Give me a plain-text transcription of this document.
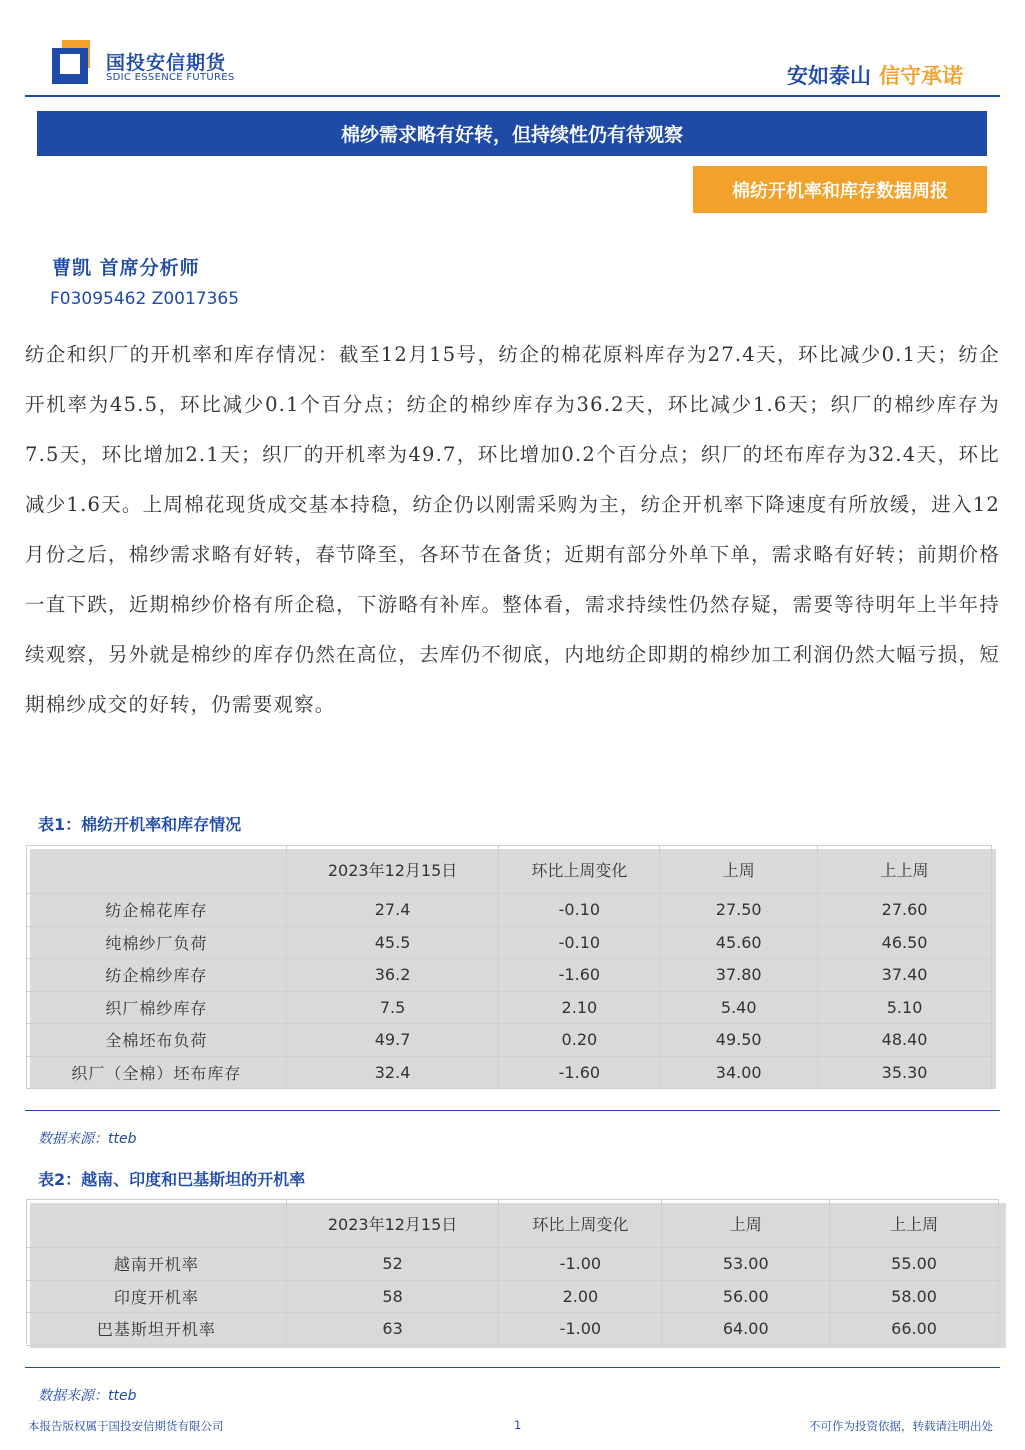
国投安信期货
SDIC ESSENCE FUTURES	安如泰山 信守承诺
棉纱需求略有好转，但持续性仍有待观察
棉纺开机率和库存数据周报
曹凯 首席分析师
F03095462 Z0017365
纺企和织厂的开机率和库存情况：截至12月15号，纺企的棉花原料库存为27.4天，环比减少0.1天；纺企开机率为45.5，环比减少0.1个百分点；纺企的棉纱库存为36.2天，环比减少1.6天；织厂的棉纱库存为7.5天，环比增加2.1天；织厂的开机率为49.7，环比增加0.2个百分点；织厂的坯布库存为32.4天，环比减少1.6天。上周棉花现货成交基本持稳，纺企仍以刚需采购为主，纺企开机率下降速度有所放缓，进入12月份之后，棉纱需求略有好转，春节降至，各环节在备货；近期有部分外单下单，需求略有好转；前期价格一直下跌，近期棉纱价格有所企稳，下游略有补库。整体看，需求持续性仍然存疑，需要等待明年上半年持续观察，另外就是棉纱的库存仍然在高位，去库仍不彻底，内地纺企即期的棉纱加工利润仍然大幅亏损，短期棉纱成交的好转，仍需要观察。
表1：棉纺开机率和库存情况
	2023年12月15日	环比上周变化	上周	上上周
纺企棉花库存	27.4	-0.10	27.50	27.60
纯棉纱厂负荷	45.5	-0.10	45.60	46.50
纺企棉纱库存	36.2	-1.60	37.80	37.40
织厂棉纱库存	7.5	2.10	5.40	5.10
全棉坯布负荷	49.7	0.20	49.50	48.40
织厂（全棉）坯布库存	32.4	-1.60	34.00	35.30
数据来源：tteb
表2：越南、印度和巴基斯坦的开机率
	2023年12月15日	环比上周变化	上周	上上周
越南开机率	52	-1.00	53.00	55.00
印度开机率	58	2.00	56.00	58.00
巴基斯坦开机率	63	-1.00	64.00	66.00
数据来源：tteb
本报告版权属于国投安信期货有限公司	1	不可作为投资依据，转载请注明出处
